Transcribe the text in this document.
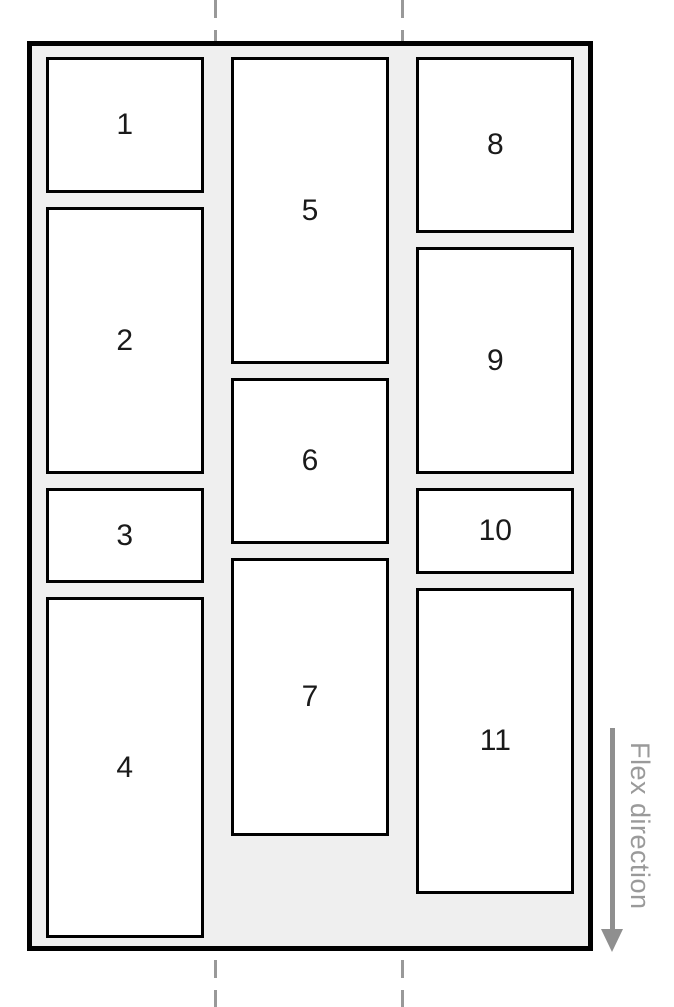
1
2
3
4
5
6
7
8
9
10
11
Flex direction
